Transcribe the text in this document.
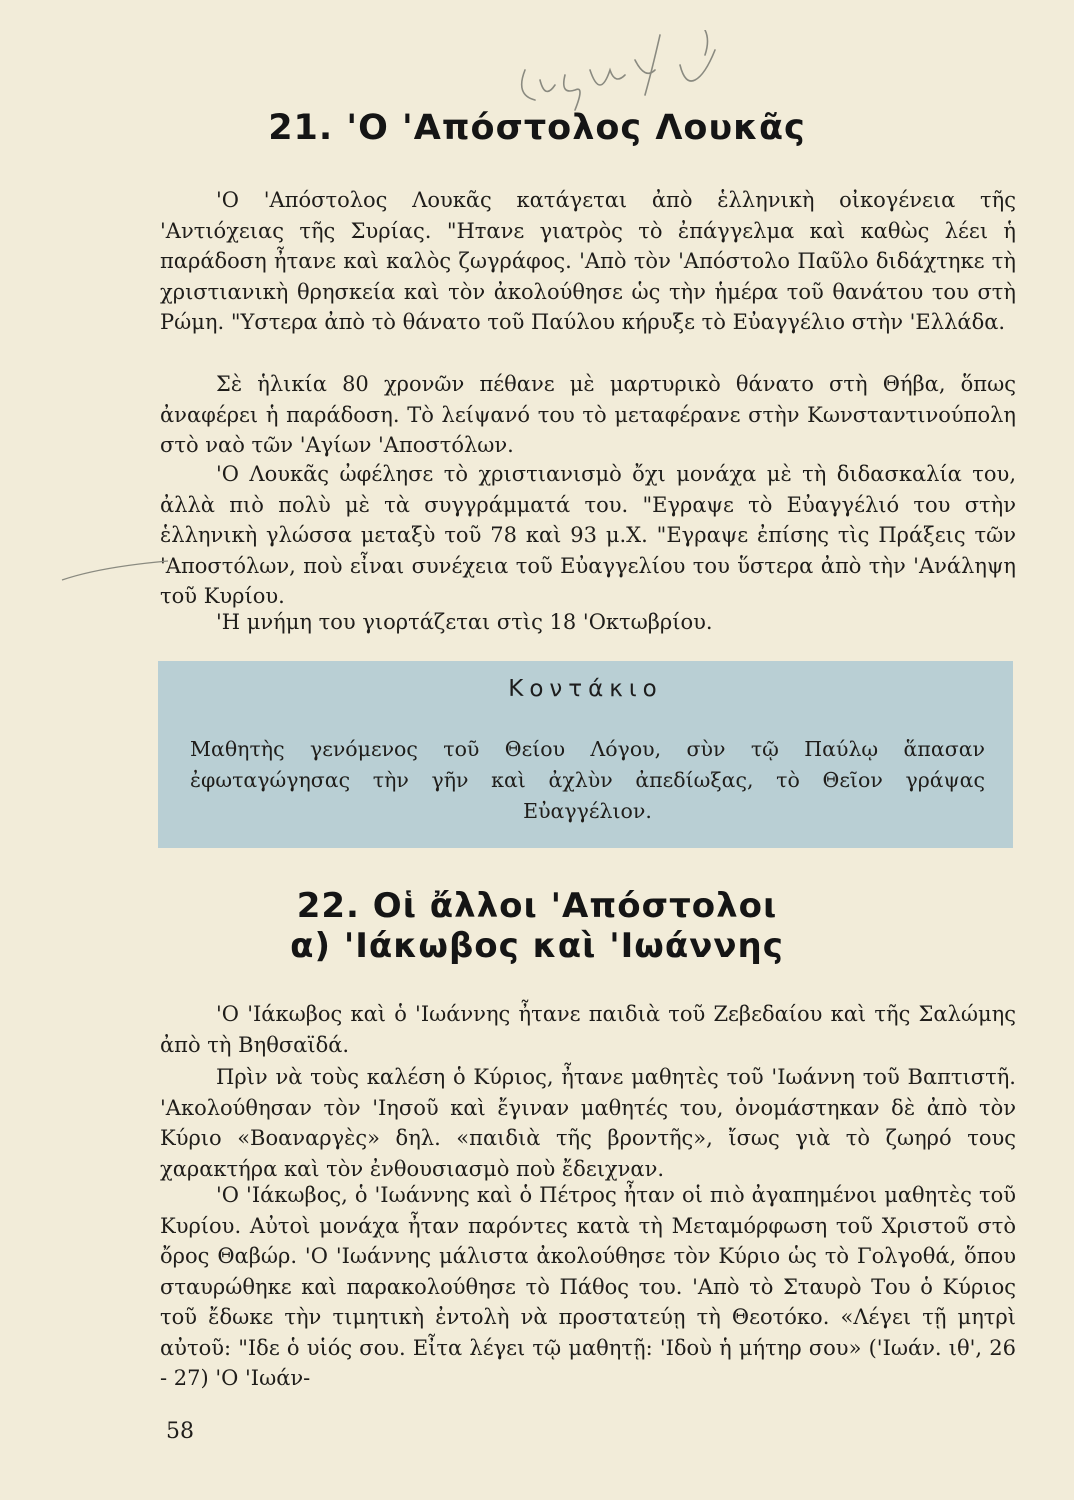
21. 'Ο 'Απόστολος Λουκᾶς

'Ο 'Απόστολος Λουκᾶς κατάγεται ἀπὸ ἑλληνικὴ οἰκογένεια τῆς 'Αντιόχειας τῆς Συρίας. "Ηтανε γιατρὸς τὸ ἐπάγγελμα καὶ καθὼς λέει ἡ παράδοση ἦτανε καὶ καλὸς ζωγράφος. 'Απὸ τὸν 'Απόστολο Παῦλο διδάχτηκε τὴ χριστιανικὴ θρησκεία καὶ τὸν ἀκολούθησε ὡς τὴν ἡμέρα τοῦ θανάτου του στὴ Ρώμη. "Υστερα ἀπὸ τὸ θάνατο τοῦ Παύλου κήρυξε τὸ Εὐαγγέλιο στὴν 'Ελλάδα.

Σὲ ἡλικία 80 χρονῶν πέθανε μὲ μαρτυρικὸ θάνατο στὴ Θήβα, ὅπως ἀναφέρει ἡ παράδοση. Τὸ λείψανό του τὸ μεταφέρανε στὴν Κωνσταντινούπολη στὸ ναὸ τῶν 'Αγίων 'Αποστόλων.

'Ο Λουκᾶς ὠφέλησε τὸ χριστιανισμὸ ὄχι μονάχα μὲ τὴ διδασκαλία του, ἀλλὰ πιὸ πολὺ μὲ τὰ συγγράμματά του. "Εγραψε τὸ Εὐαγγέλιό του στὴν ἑλληνικὴ γλώσσα μεταξὺ τοῦ 78 καὶ 93 μ.Χ. "Εγραψε ἐπίσης τὶς Πράξεις τῶν 'Αποστόλων, ποὺ εἶναι συνέχεια τοῦ Εὐαγγελίου του ὕστερα ἀπὸ τὴν 'Ανάληψη τοῦ Κυρίου.

'Η μνήμη του γιορτάζεται στὶς 18 'Οκτωβρίου.

Κοντάκιο

Μαθητὴς γενόμενος τοῦ Θείου Λόγου, σὺν τῷ Παύλῳ ἅπασαν ἐφωταγώγησας τὴν γῆν καὶ ἀχλὺν ἀπεδίωξας, τὸ Θεῖον γράψας Εὐαγγέλιον.

22. Οἱ ἄλλοι 'Απόστολοι
α) 'Ιάκωβος καὶ 'Ιωάννης

'Ο 'Ιάκωβος καὶ ὁ 'Ιωάννης ἦτανε παιδιὰ τοῦ Ζεβεδαίου καὶ τῆς Σαλώμης ἀπὸ τὴ Βηθσαϊδά.

Πρὶν νὰ τοὺς καλέση ὁ Κύριος, ἦτανε μαθητὲς τοῦ 'Ιωάννη τοῦ Βαπτιστῆ. 'Ακολούθησαν τὸν 'Ιησοῦ καὶ ἔγιναν μαθητές του, ὀνομάστηκαν δὲ ἀπὸ τὸν Κύριο «Βοαναργὲς» δηλ. «παιδιὰ τῆς βροντῆς», ἴσως γιὰ τὸ ζωηρό τους χαρακτήρα καὶ τὸν ἐνθουσιασμὸ ποὺ ἔδειχναν.

'Ο 'Ιάκωβος, ὁ 'Ιωάννης καὶ ὁ Πέτρος ἦταν οἱ πιὸ ἀγαπημένοι μαθητὲς τοῦ Κυρίου. Αὐτοὶ μονάχα ἦταν παρόντες κατὰ τὴ Μεταμόρφωση τοῦ Χριστοῦ στὸ ὄρος Θαβώρ. 'Ο 'Ιωάννης μάλιστα ἀκολούθησε τὸν Κύριο ὡς τὸ Γολγοθά, ὅπου σταυρώθηκε καὶ παρακολούθησε τὸ Πάθος του. 'Απὸ τὸ Σταυρὸ Του ὁ Κύριος τοῦ ἔδωκε τὴν τιμητικὴ ἐντολὴ νὰ προστατεύῃ τὴ Θεοτόκο. «Λέγει τῇ μητρὶ αὐτοῦ: "Ιδε ὁ υἱός σου. Εἶτα λέγει τῷ μαθητῇ: 'Ιδοὺ ἡ μήτηρ σου» ('Ιωάν. ιθ', 26 - 27) 'Ο 'Ιωάν-

58
